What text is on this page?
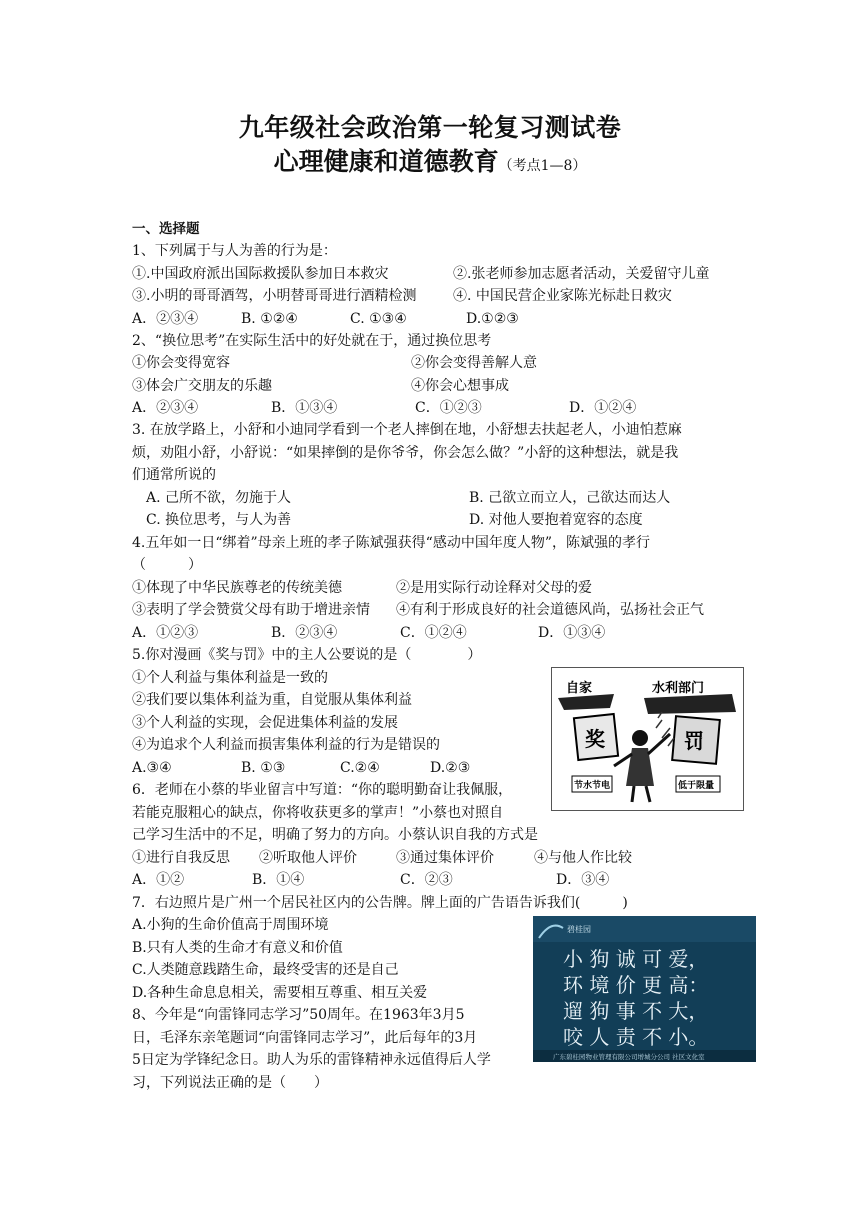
九年级社会政治第一轮复习测试卷
心理健康和道德教育（考点1—8）
一、选择题
1、下列属于与人为善的行为是：
①.中国政府派出国际救援队参加日本救灾	②.张老师参加志愿者活动，关爱留守儿童
③.小明的哥哥酒驾，小明替哥哥进行酒精检测	④. 中国民营企业家陈光标赴日救灾
A．②③④	B. ①②④	C. ①③④	D.①②③
2、“换位思考”在实际生活中的好处就在于，通过换位思考
①你会变得宽容	②你会变得善解人意
③体会广交朋友的乐趣	④你会心想事成
A．②③④	B．①③④	C．①②③	D．①②④
3. 在放学路上，小舒和小迪同学看到一个老人摔倒在地，小舒想去扶起老人，小迪怕惹麻
烦，劝阻小舒，小舒说：“如果摔倒的是你爷爷，你会怎么做？”小舒的这种想法，就是我
们通常所说的
A. 己所不欲，勿施于人	B. 己欲立而立人，己欲达而达人
C. 换位思考，与人为善	D. 对他人要抱着宽容的态度
4.五年如一日“绑着”母亲上班的孝子陈斌强获得“感动中国年度人物”，陈斌强的孝行
（　　　）
①体现了中华民族尊老的传统美德	②是用实际行动诠释对父母的爱
③表明了学会赞赏父母有助于增进亲情 ④有利于形成良好的社会道德风尚，弘扬社会正气
A．①②③	B．②③④	C．①②④	D．①③④
5.你对漫画《奖与罚》中的主人公要说的是（　　　　）
①个人利益与集体利益是一致的
②我们要以集体利益为重，自觉服从集体利益
③个人利益的实现，会促进集体利益的发展
④为追求个人利益而损害集体利益的行为是错误的
A.③④	B. ①③	C.②④	D.②③
6．老师在小蔡的毕业留言中写道：“你的聪明勤奋让我佩服，
若能克服粗心的缺点，你将收获更多的掌声！”小蔡也对照自
己学习生活中的不足，明确了努力的方向。小蔡认识自我的方式是
①进行自我反思 ②听取他人评价	③通过集体评价	④与他人作比较
A．①②	B．①④	C．②③	D．③④
7．右边照片是广州一个居民社区内的公告牌。牌上面的广告语告诉我们(　　　)
A.小狗的生命价值高于周围环境
B.只有人类的生命才有意义和价值
C.人类随意践踏生命，最终受害的还是自己
D.各种生命息息相关，需要相互尊重、相互关爱
8、今年是“向雷锋同志学习”50周年。在1963年3月5
日，毛泽东亲笔题词“向雷锋同志学习”，此后每年的3月
5日定为学锋纪念日。助人为乐的雷锋精神永远值得后人学
习，下列说法正确的是（　　）
自家	水利部门
奖	罚
节水节电	低于限量
碧桂园
小 狗 诚 可 爱，
环 境 价 更 高：
遛 狗 事 不 大，
咬 人 责 不 小。
广东碧桂园物业管理有限公司增城分公司 社区文化室
